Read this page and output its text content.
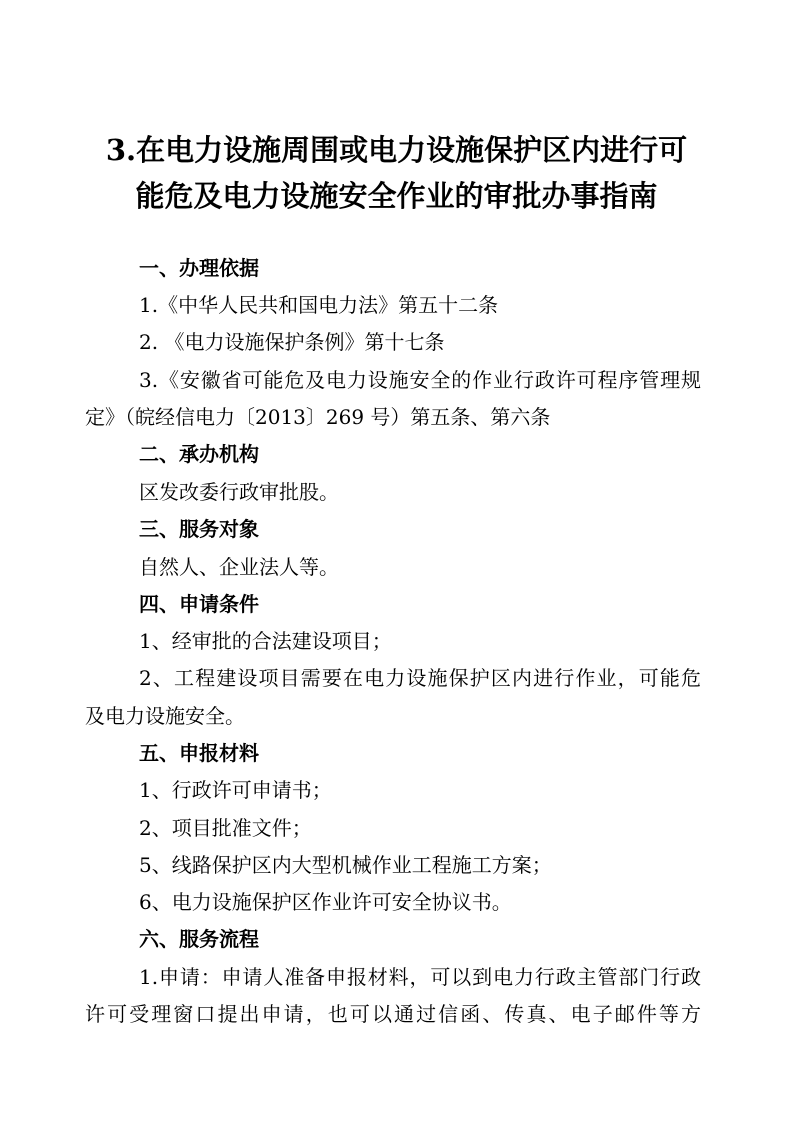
3.在电力设施周围或电力设施保护区内进行可
能危及电力设施安全作业的审批办事指南
一、办理依据
1.《中华人民共和国电力法》第五十二条
2. 《电力设施保护条例》第十七条
3.《安徽省可能危及电力设施安全的作业行政许可程序管理规
定》（皖经信电力〔2013〕269 号）第五条、第六条
二、承办机构
区发改委行政审批股。
三、服务对象
自然人、企业法人等。
四、申请条件
1、经审批的合法建设项目；
2、工程建设项目需要在电力设施保护区内进行作业，可能危
及电力设施安全。
五、申报材料
1、行政许可申请书；
2、项目批准文件；
5、线路保护区内大型机械作业工程施工方案；
6、电力设施保护区作业许可安全协议书。
六、服务流程
1.申请：申请人准备申报材料，可以到电力行政主管部门行政
许可受理窗口提出申请，也可以通过信函、传真、电子邮件等方
